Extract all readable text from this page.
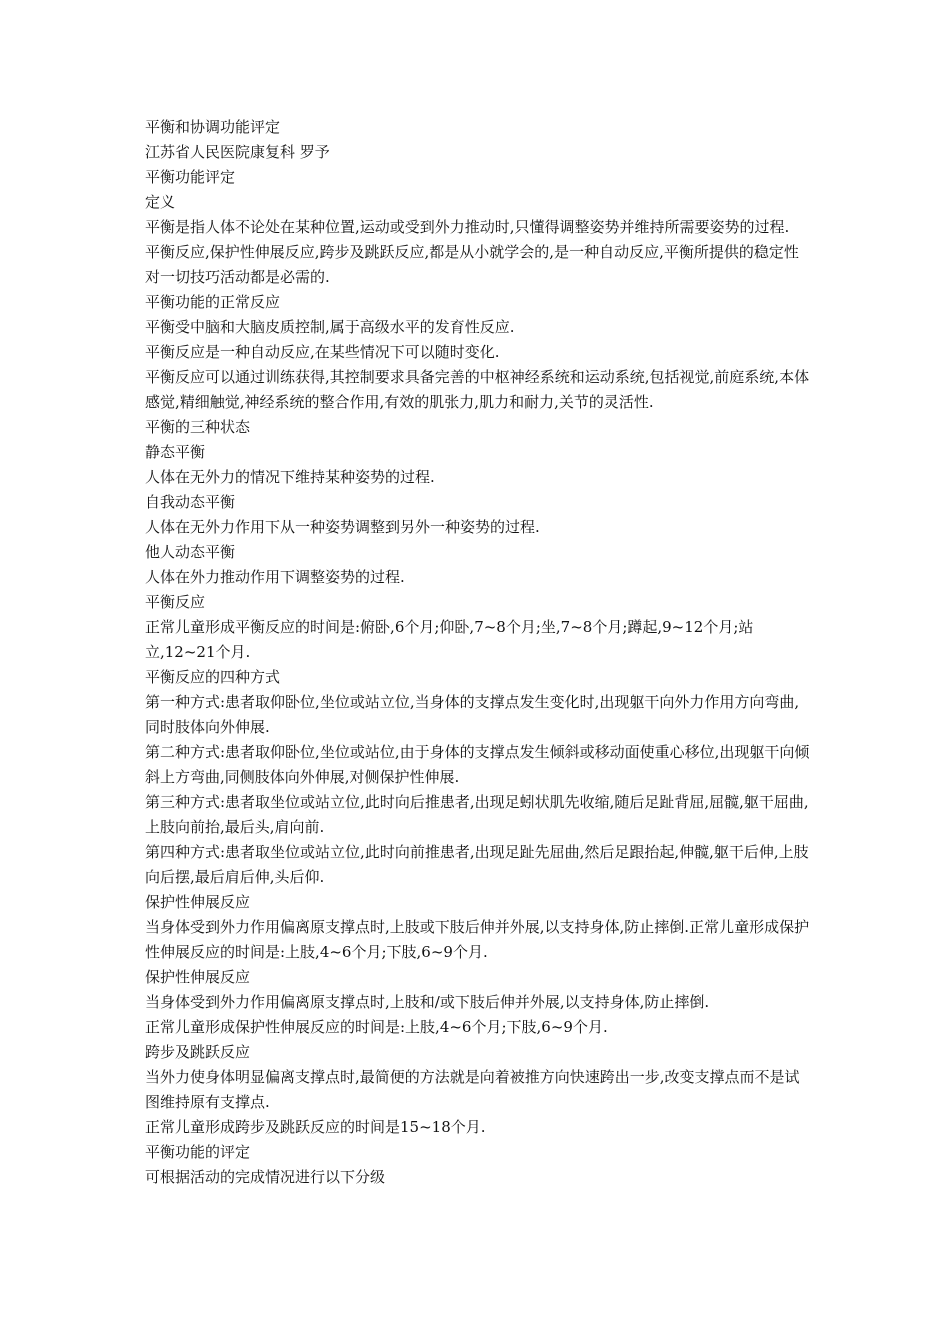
平衡和协调功能评定
江苏省人民医院康复科 罗予
平衡功能评定
定义
平衡是指人体不论处在某种位置,运动或受到外力推动时,只懂得调整姿势并维持所需要姿势的过程.
平衡反应,保护性伸展反应,跨步及跳跃反应,都是从小就学会的,是一种自动反应,平衡所提供的稳定性对一切技巧活动都是必需的.
平衡功能的正常反应
平衡受中脑和大脑皮质控制,属于高级水平的发育性反应.
平衡反应是一种自动反应,在某些情况下可以随时变化.
平衡反应可以通过训练获得,其控制要求具备完善的中枢神经系统和运动系统,包括视觉,前庭系统,本体感觉,精细触觉,神经系统的整合作用,有效的肌张力,肌力和耐力,关节的灵活性.
平衡的三种状态
静态平衡
人体在无外力的情况下维持某种姿势的过程.
自我动态平衡
人体在无外力作用下从一种姿势调整到另外一种姿势的过程.
他人动态平衡
人体在外力推动作用下调整姿势的过程.
平衡反应
正常儿童形成平衡反应的时间是:俯卧,6个月;仰卧,7~8个月;坐,7~8个月;蹲起,9~12个月;站立,12~21个月.
平衡反应的四种方式
第一种方式:患者取仰卧位,坐位或站立位,当身体的支撑点发生变化时,出现躯干向外力作用方向弯曲,同时肢体向外伸展.
第二种方式:患者取仰卧位,坐位或站位,由于身体的支撑点发生倾斜或移动面使重心移位,出现躯干向倾斜上方弯曲,同侧肢体向外伸展,对侧保护性伸展.
第三种方式:患者取坐位或站立位,此时向后推患者,出现足蚓状肌先收缩,随后足趾背屈,屈髋,躯干屈曲,上肢向前抬,最后头,肩向前.
第四种方式:患者取坐位或站立位,此时向前推患者,出现足趾先屈曲,然后足跟抬起,伸髋,躯干后伸,上肢向后摆,最后肩后伸,头后仰.
保护性伸展反应
当身体受到外力作用偏离原支撑点时,上肢或下肢后伸并外展,以支持身体,防止摔倒.正常儿童形成保护性伸展反应的时间是:上肢,4~6个月;下肢,6~9个月.
保护性伸展反应
当身体受到外力作用偏离原支撑点时,上肢和/或下肢后伸并外展,以支持身体,防止摔倒.
正常儿童形成保护性伸展反应的时间是:上肢,4~6个月;下肢,6~9个月.
跨步及跳跃反应
当外力使身体明显偏离支撑点时,最简便的方法就是向着被推方向快速跨出一步,改变支撑点而不是试图维持原有支撑点.
正常儿童形成跨步及跳跃反应的时间是15~18个月.
平衡功能的评定
可根据活动的完成情况进行以下分级
